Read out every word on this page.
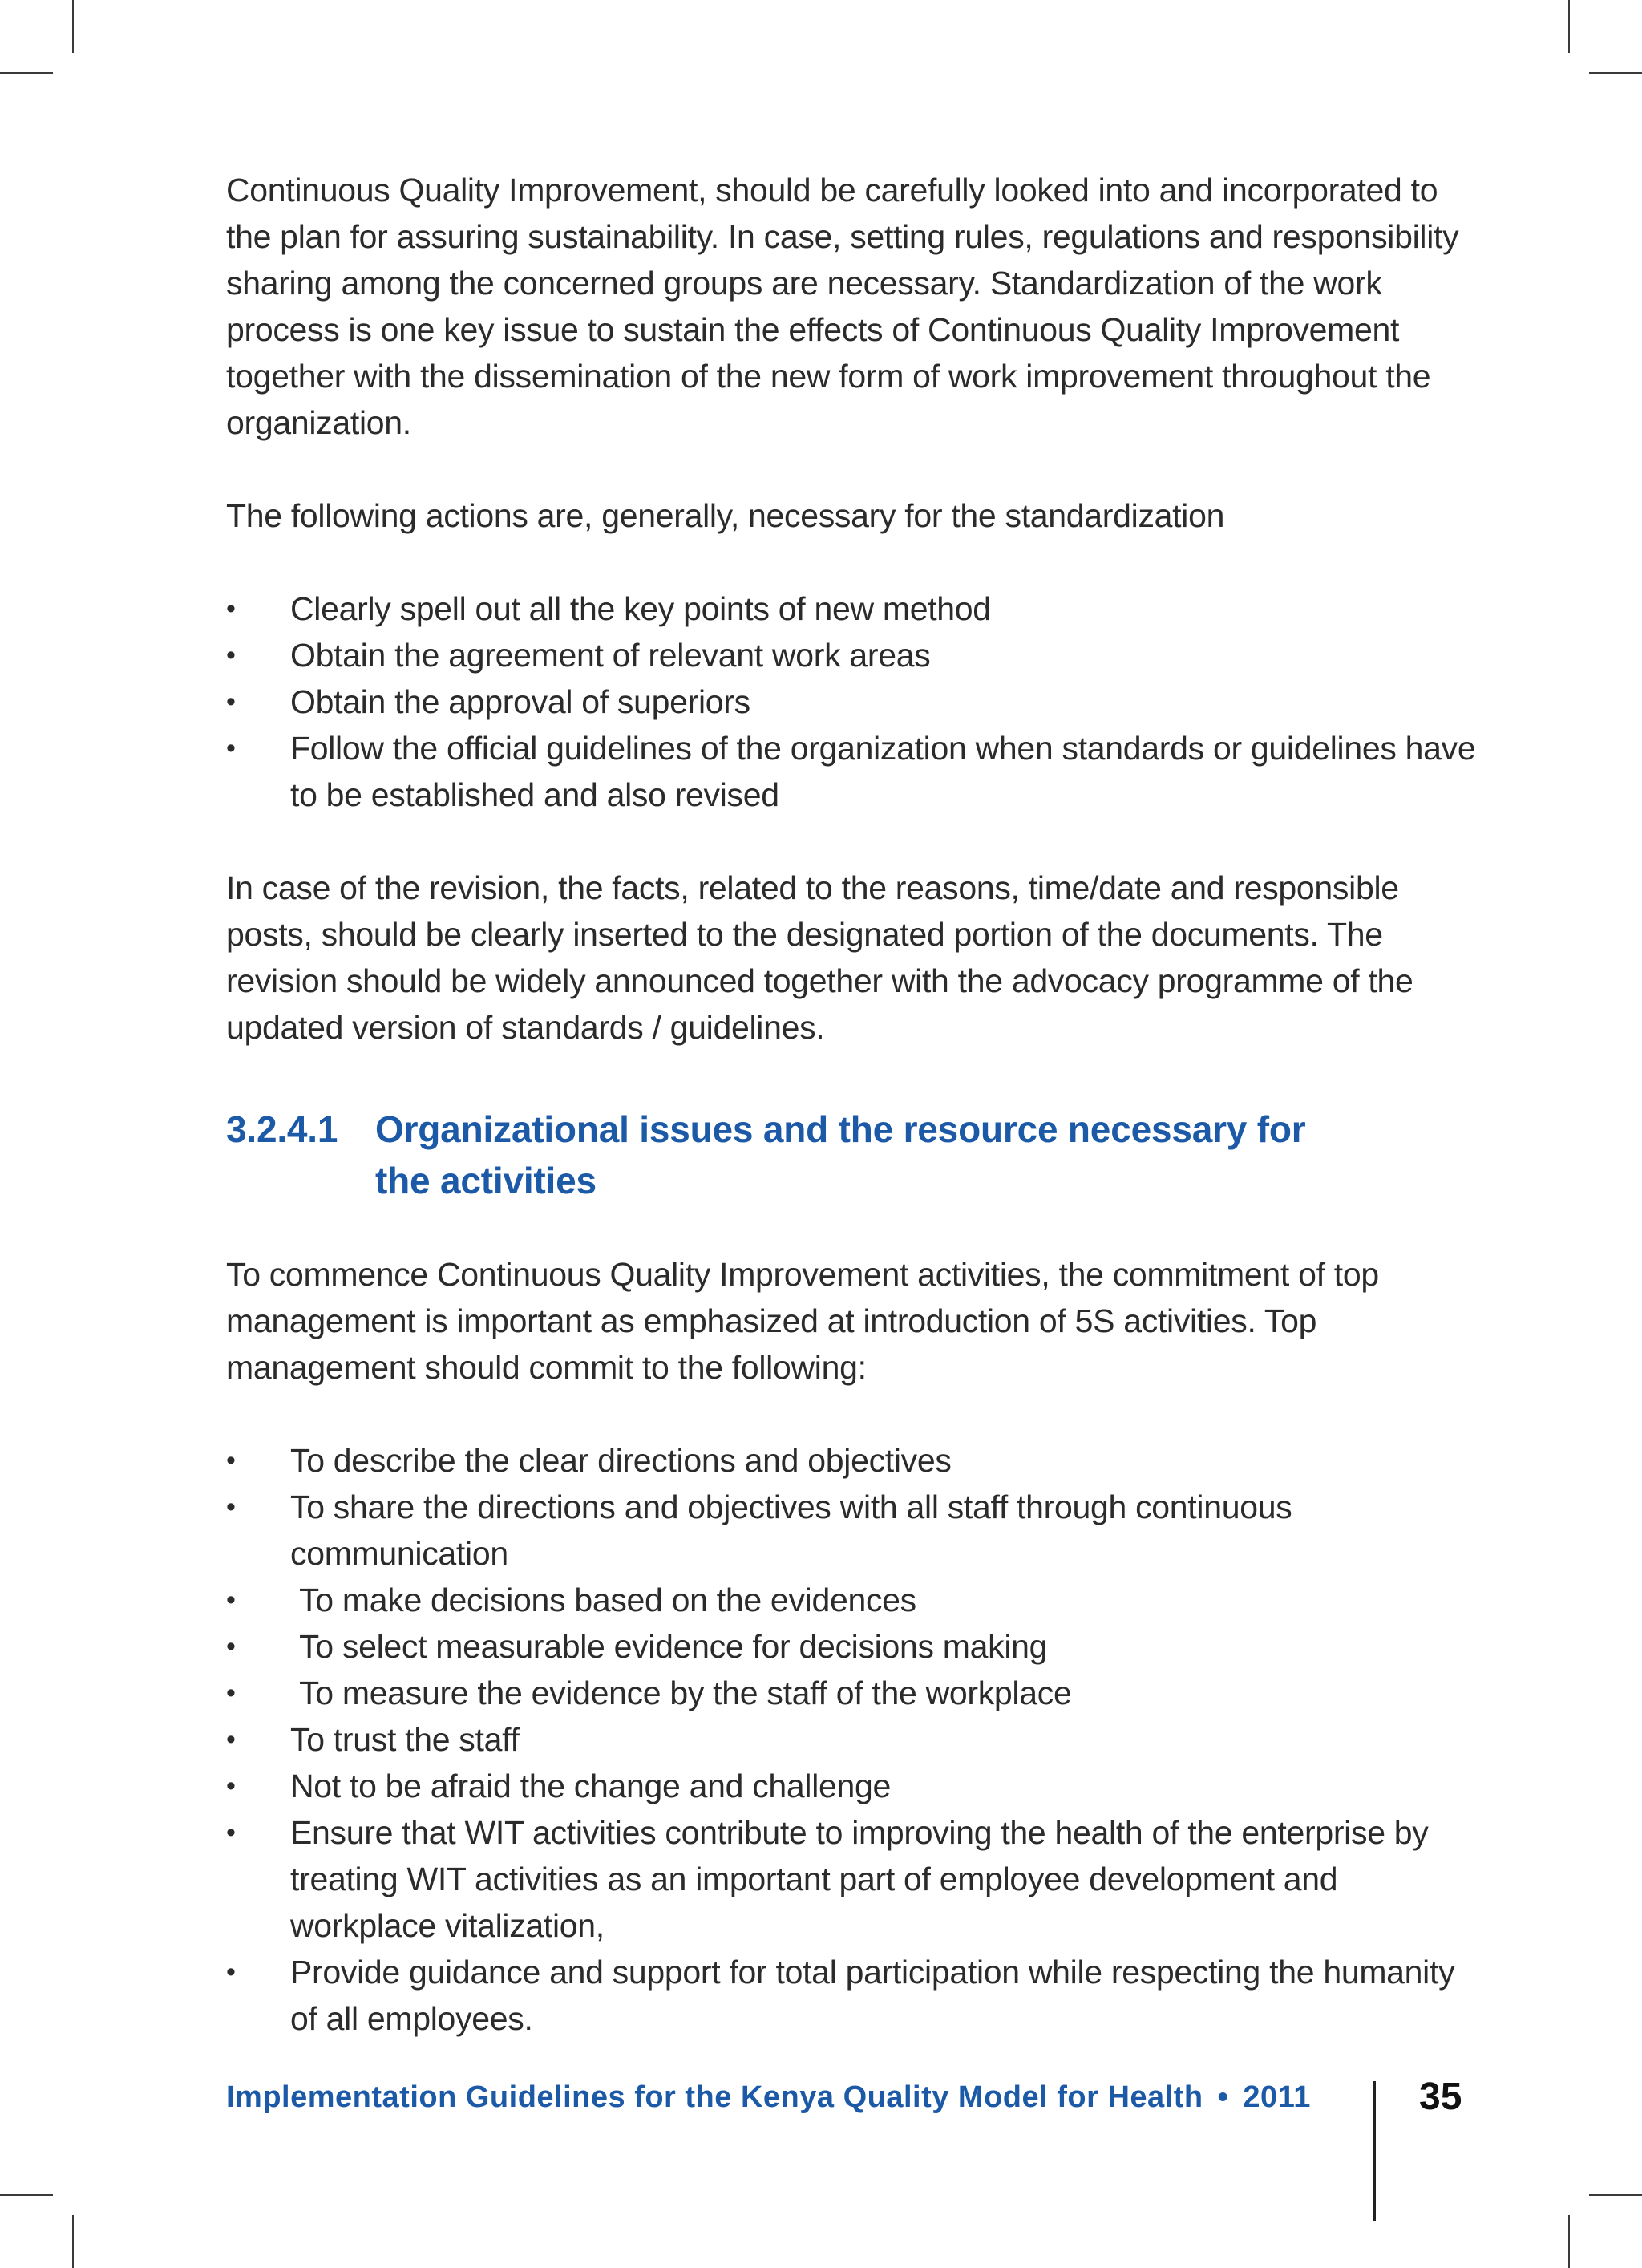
Continuous Quality Improvement, should be carefully looked into and incorporated to the plan for assuring sustainability. In case, setting rules, regulations and responsibility sharing among the concerned groups are necessary. Standardization of the work process is one key issue to sustain the effects of Continuous Quality Improvement together with the dissemination of the new form of work improvement throughout the organization.

The following actions are, generally, necessary for the standardization

• Clearly spell out all the key points of new method
• Obtain the agreement of relevant work areas
• Obtain the approval of superiors
• Follow the official guidelines of the organization when standards or guidelines have to be established and also revised

In case of the revision, the facts, related to the reasons, time/date and responsible posts, should be clearly inserted to the designated portion of the documents. The revision should be widely announced together with the advocacy programme of the updated version of standards / guidelines.

3.2.4.1	Organizational issues and the resource necessary for the activities

To commence Continuous Quality Improvement activities, the commitment of top management is important as emphasized at introduction of 5S activities. Top management should commit to the following:

• To describe the clear directions and objectives
• To share the directions and objectives with all staff through continuous communication
• To make decisions based on the evidences
• To select measurable evidence for decisions making
• To measure the evidence by the staff of the workplace
• To trust the staff
• Not to be afraid the change and challenge
• Ensure that WIT activities contribute to improving the health of the enterprise by treating WIT activities as an important part of employee development and workplace vitalization,
• Provide guidance and support for total participation while respecting the humanity of all employees.
Implementation Guidelines for the Kenya Quality Model for Health • 2011	35
